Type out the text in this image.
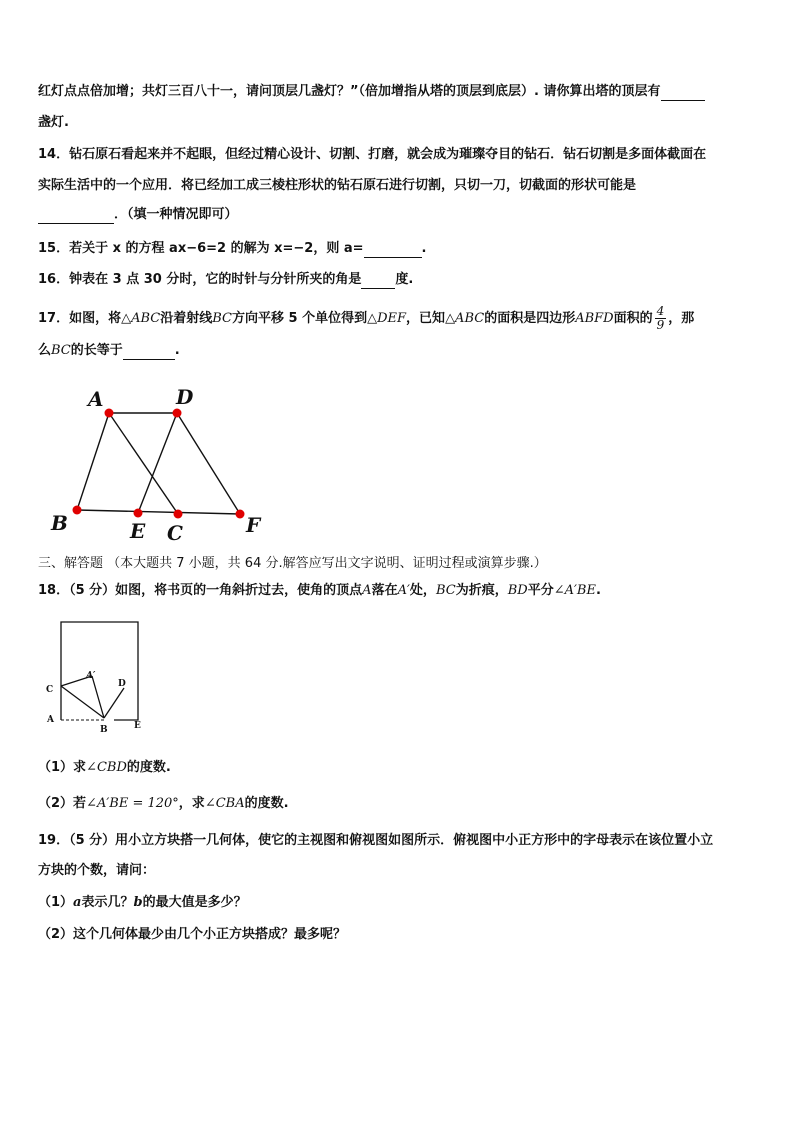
红灯点点倍加增；共灯三百八十一，请问顶层几盏灯？”（倍加增指从塔的顶层到底层）. 请你算出塔的顶层有
盏灯.
14．钻石原石看起来并不起眼，但经过精心设计、切割、打磨，就会成为璀璨夺目的钻石．钻石切割是多面体截面在
实际生活中的一个应用．将已经加工成三棱柱形状的钻石原石进行切割，只切一刀，切截面的形状可能是
．（填一种情况即可）
15．若关于 x 的方程 ax−6=2 的解为 x=−2，则 a=	.
16．钟表在 3 点 30 分时，它的时针与分针所夹的角是	度.
17．如图，将△ABC沿着射线BC方向平移 5 个单位得到△DEF，已知△ABC的面积是四边形ABFD面积的 $\frac{4}{9}$ ，那
么BC的长等于	.
A	D
B	E C	F
三、解答题 （本大题共 7 小题，共 64 分.解答应写出文字说明、证明过程或演算步骤.）
18．（5 分）如图，将书页的一角斜折过去，使角的顶点A落在A′处，BC为折痕，BD平分∠A′BE.
C
A′
D
A
B	E
（1）求∠CBD的度数.
（2）若∠A′BE = 120°，求∠CBA的度数.
19．（5 分）用小立方块搭一几何体，使它的主视图和俯视图如图所示．俯视图中小正方形中的字母表示在该位置小立
方块的个数，请问：
（1）a表示几？b的最大值是多少？
（2）这个几何体最少由几个小正方块搭成？最多呢？
